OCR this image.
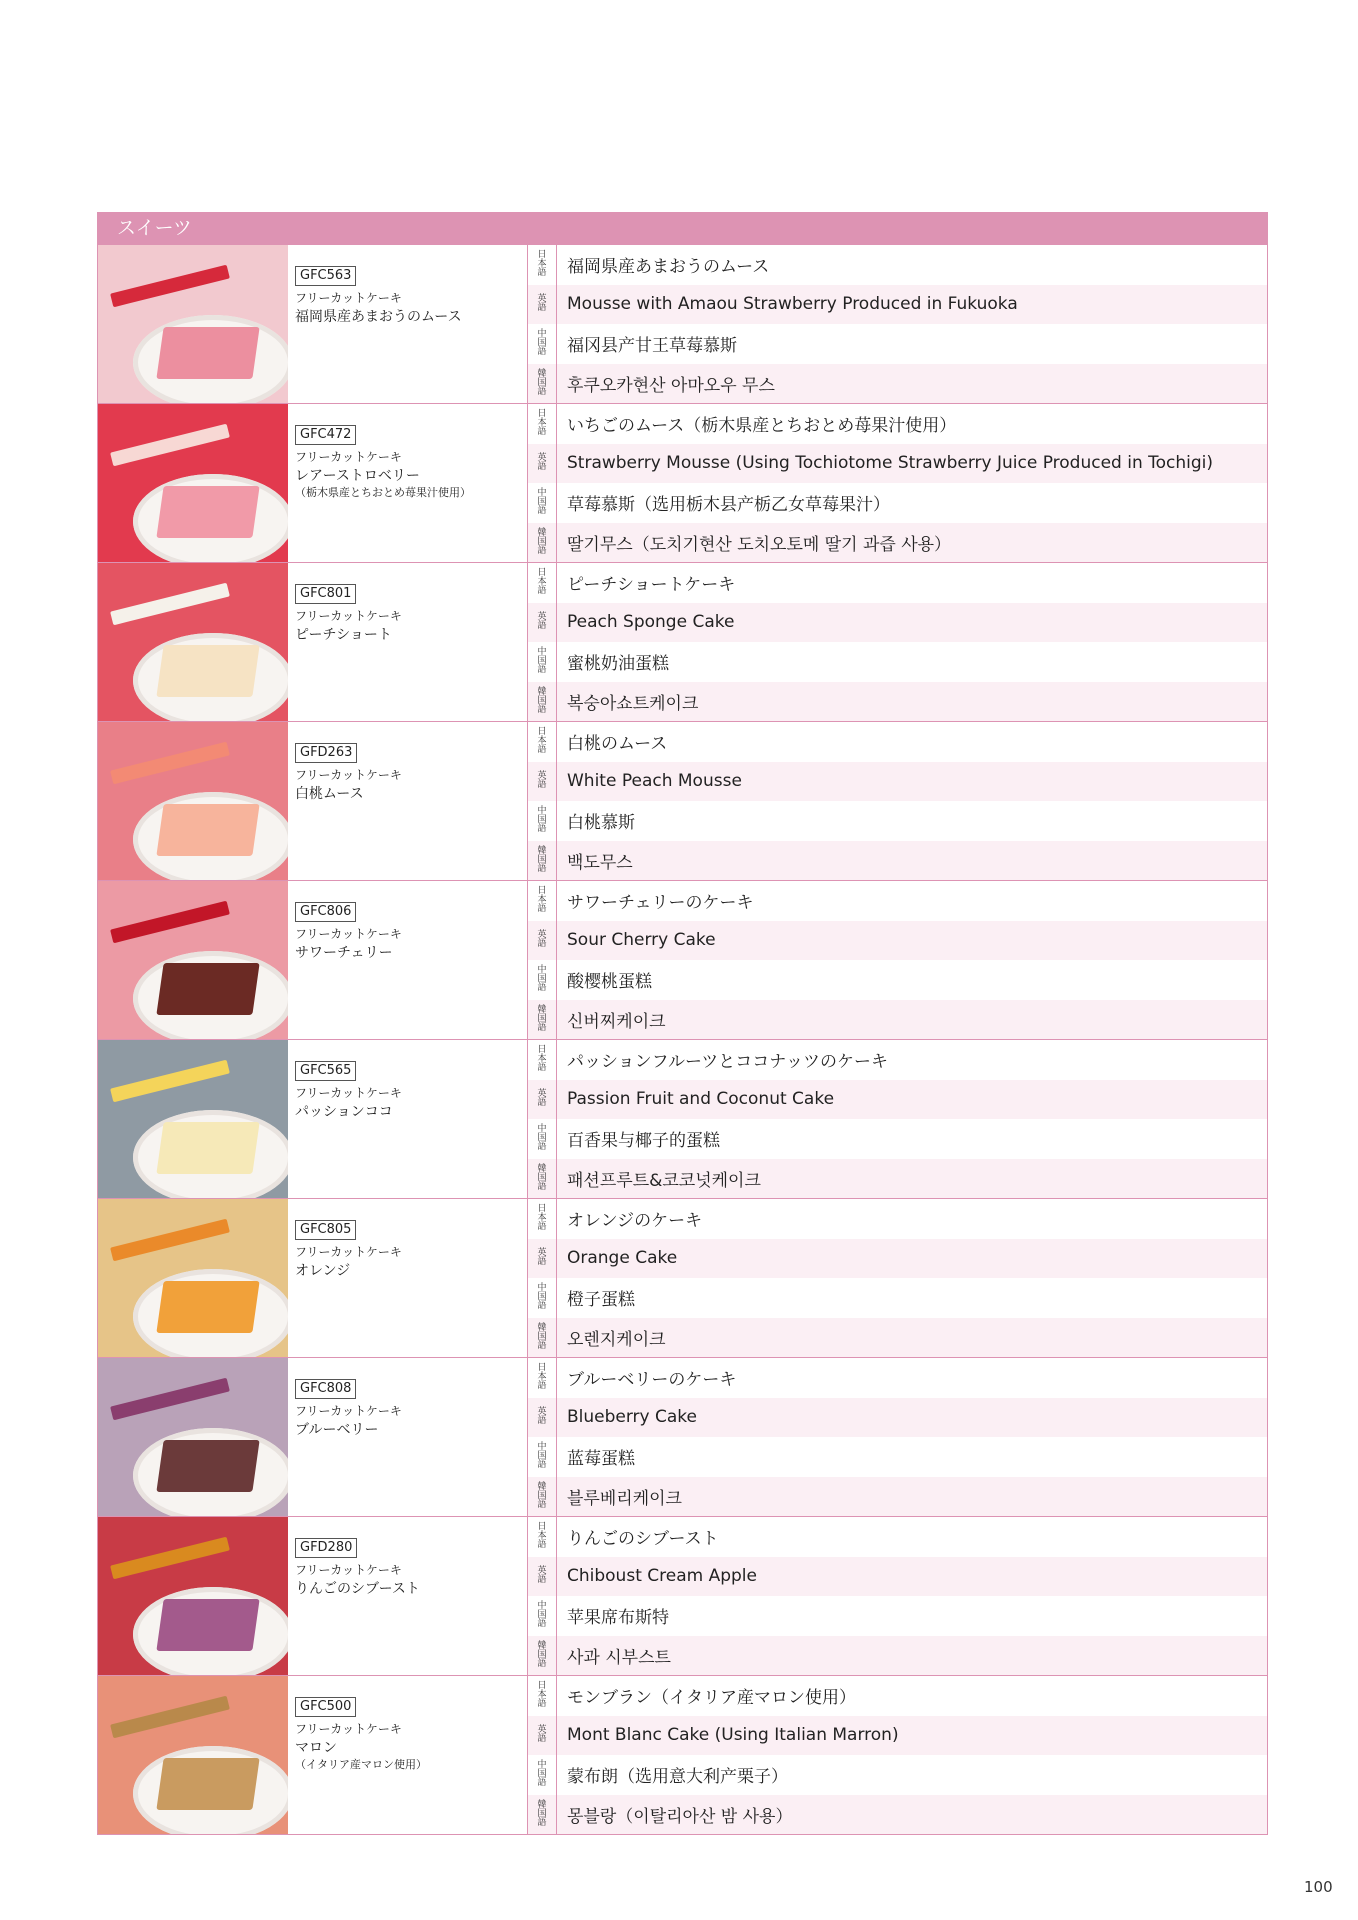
スイーツ
GFC563
フリーカットケーキ
福岡県産あまおうのムース
日
本
語	福岡県産あまおうのムース
英
語	Mousse with Amaou Strawberry Produced in Fukuoka
中
国
語	福冈县产甘王草莓慕斯
韓
国
語	후쿠오카현산 아마오우 무스
GFC472
フリーカットケーキ
レアーストロベリー
（栃木県産とちおとめ苺果汁使用）
日
本
語	いちごのムース（栃木県産とちおとめ苺果汁使用）
英
語	Strawberry Mousse (Using Tochiotome Strawberry Juice Produced in Tochigi)
中
国
語	草莓慕斯（选用栃木县产栃乙女草莓果汁）
韓
国
語	딸기무스（도치기현산 도치오토메 딸기 과즙 사용）
GFC801
フリーカットケーキ
ピーチショート
日
本
語	ピーチショートケーキ
英
語	Peach Sponge Cake
中
国
語	蜜桃奶油蛋糕
韓
国
語	복숭아쇼트케이크
GFD263
フリーカットケーキ
白桃ムース
日
本
語	白桃のムース
英
語	White Peach Mousse
中
国
語	白桃慕斯
韓
国
語	백도무스
GFC806
フリーカットケーキ
サワーチェリー
日
本
語	サワーチェリーのケーキ
英
語	Sour Cherry Cake
中
国
語	酸樱桃蛋糕
韓
国
語	신버찌케이크
GFC565
フリーカットケーキ
パッションココ
日
本
語	パッションフルーツとココナッツのケーキ
英
語	Passion Fruit and Coconut Cake
中
国
語	百香果与椰子的蛋糕
韓
国
語	패션프루트&코코넛케이크
GFC805
フリーカットケーキ
オレンジ
日
本
語	オレンジのケーキ
英
語	Orange Cake
中
国
語	橙子蛋糕
韓
国
語	오렌지케이크
GFC808
フリーカットケーキ
ブルーベリー
日
本
語	ブルーベリーのケーキ
英
語	Blueberry Cake
中
国
語	蓝莓蛋糕
韓
国
語	블루베리케이크
GFD280
フリーカットケーキ
りんごのシブースト
日
本
語	りんごのシブースト
英
語	Chiboust Cream Apple
中
国
語	苹果席布斯特
韓
国
語	사과 시부스트
GFC500
フリーカットケーキ
マロン
（イタリア産マロン使用）
日
本
語	モンブラン（イタリア産マロン使用）
英
語	Mont Blanc Cake (Using Italian Marron)
中
国
語	蒙布朗（选用意大利产栗子）
韓
国
語	몽블랑（이탈리아산 밤 사용）
100
